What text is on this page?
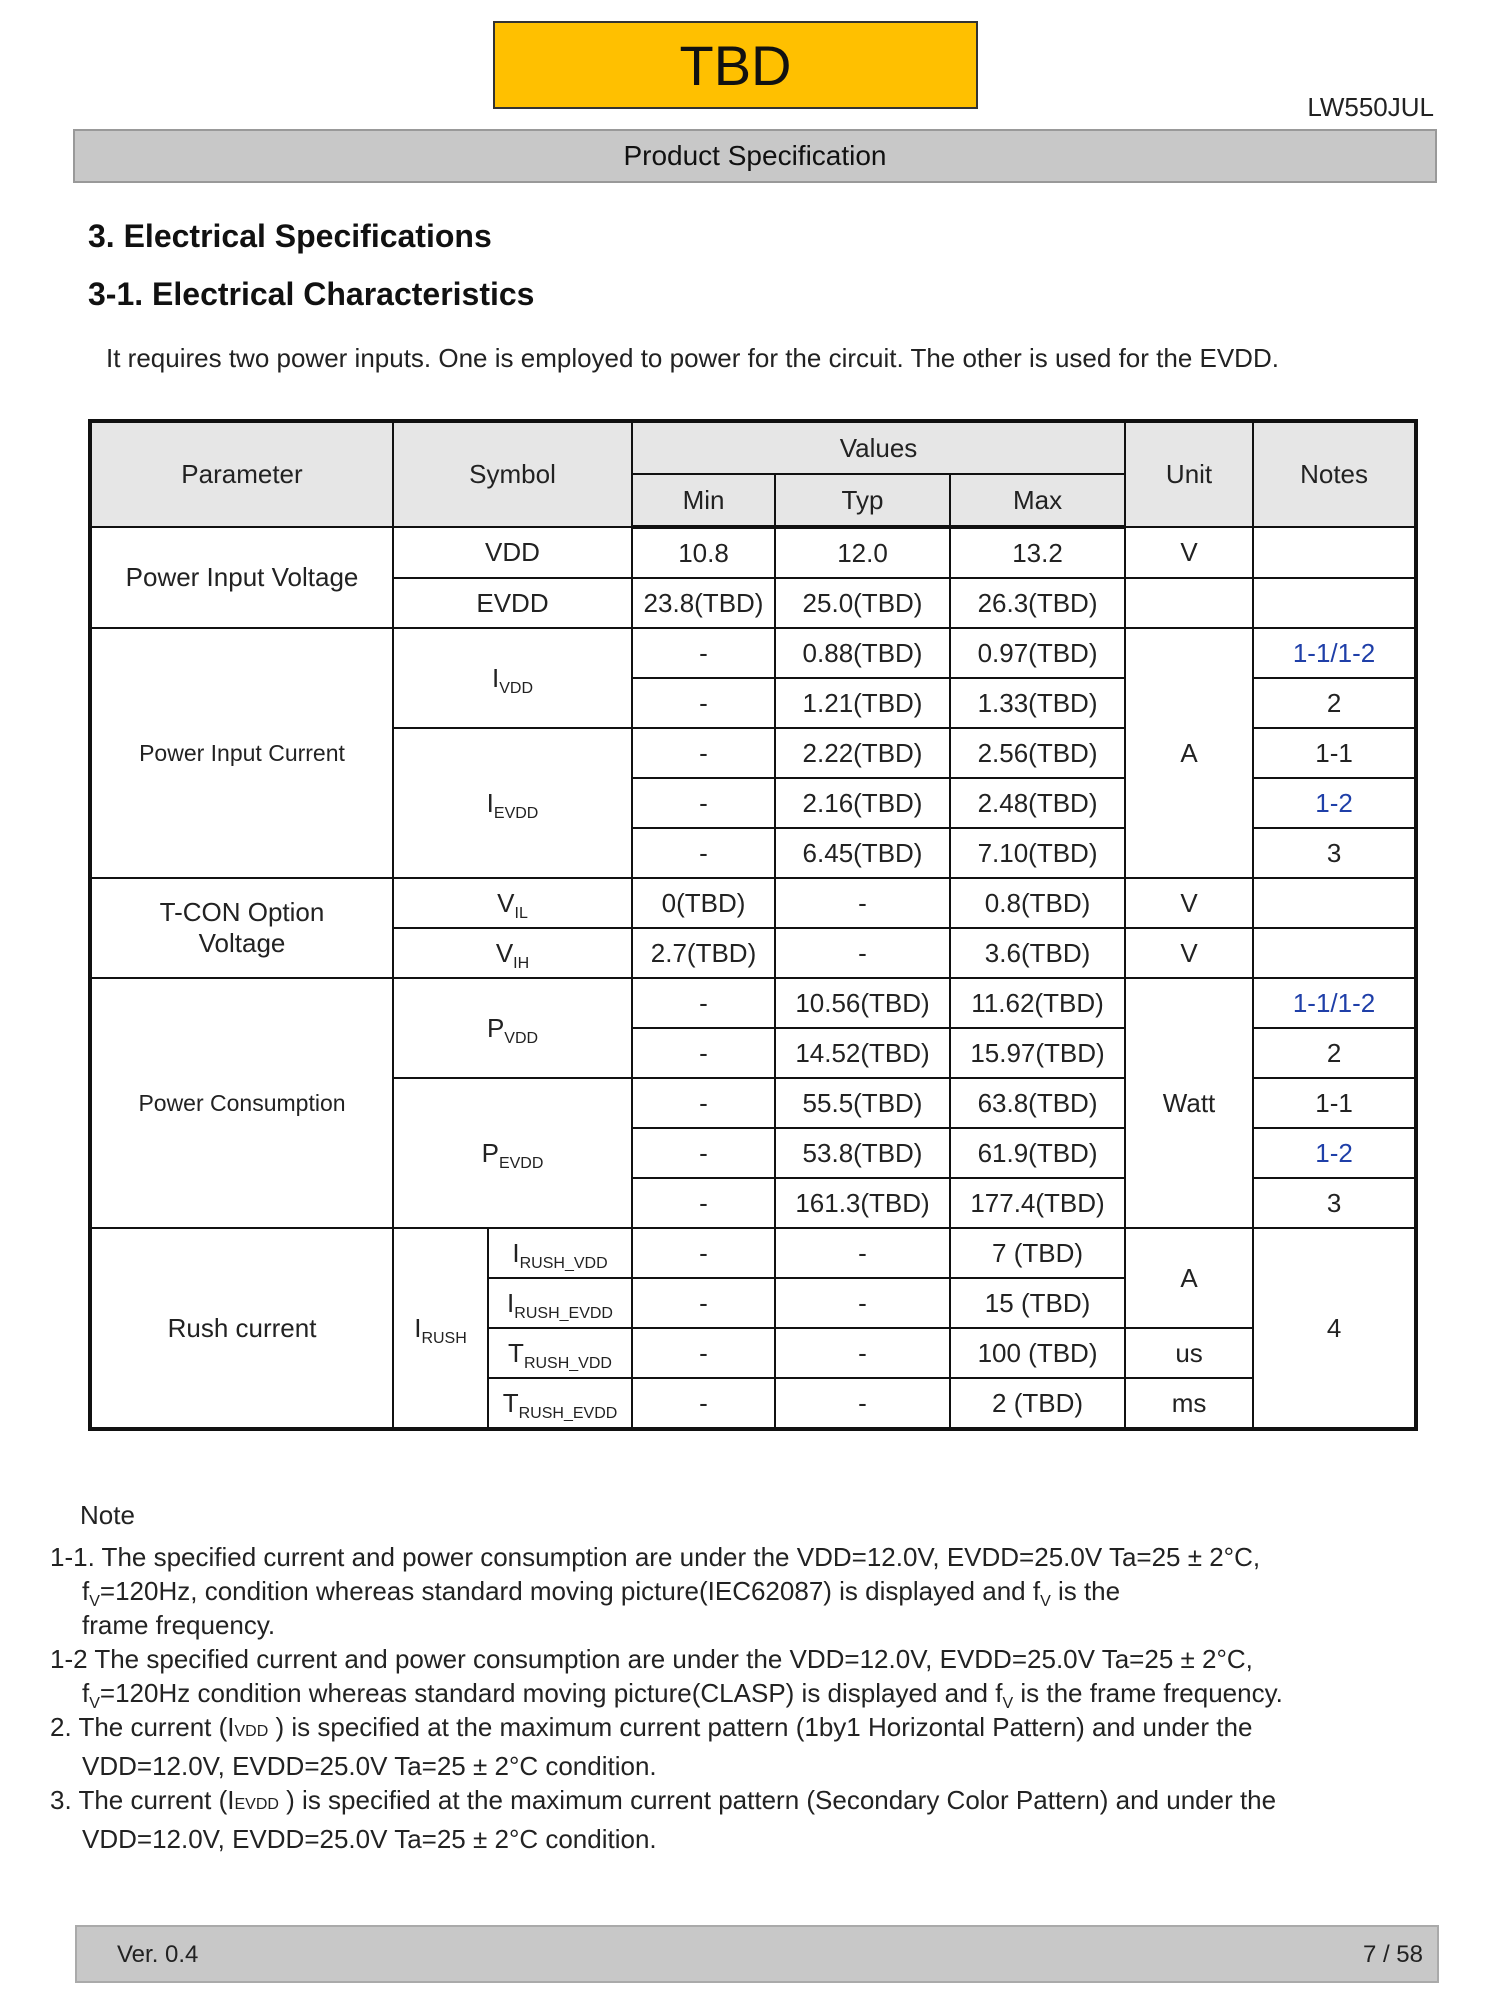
TBD
LW550JUL
Product Specification
3. Electrical Specifications
3-1. Electrical Characteristics

It requires two power inputs. One is employed to power for the circuit. The other is used for the EVDD.

Parameter	Symbol		Values			Unit	Notes
			Min	Typ	Max		
Power Input Voltage	VDD		10.8	12.0	13.2	V	
	EVDD		23.8(TBD)	25.0(TBD)	26.3(TBD)		
Power Input Current	$I_{VDD}$		-	0.88(TBD)	0.97(TBD)	A	1-1/1-2
			-	1.21(TBD)	1.33(TBD)		2
	$I_{EVDD}$		-	2.22(TBD)	2.56(TBD)		1-1
			-	2.16(TBD)	2.48(TBD)		1-2
			-	6.45(TBD)	7.10(TBD)		3
T-CON Option
Voltage	$V_{IL}$		0(TBD)	-	0.8(TBD)	V	
	$V_{IH}$		2.7(TBD)	-	3.6(TBD)	V	
Power Consumption	$P_{VDD}$		-	10.56(TBD)	11.62(TBD)	Watt	1-1/1-2
			-	14.52(TBD)	15.97(TBD)		2
	$P_{EVDD}$		-	55.5(TBD)	63.8(TBD)		1-1
			-	53.8(TBD)	61.9(TBD)		1-2
			-	161.3(TBD)	177.4(TBD)		3
Rush current	$I_{RUSH}$	$I_{RUSH\_VDD}$	-	-	7 (TBD)	A	4
		$I_{RUSH\_EVDD}$	-	-	15 (TBD)		
		$T_{RUSH\_VDD}$	-	-	100 (TBD)	us	
		$T_{RUSH\_EVDD}$	-	-	2 (TBD)	ms	

Note

1-1. The specified current and power consumption are under the VDD=12.0V, EVDD=25.0V Ta=25 ± 2°C,

$f_V=120Hz$, condition whereas standard moving picture(IEC62087) is displayed and $f_V$ is the

frame frequency.

1-2 The specified current and power consumption are under the VDD=12.0V, EVDD=25.0V Ta=25 ± 2°C,

$f_V=120Hz$ condition whereas standard moving picture(CLASP) is displayed and $f_V$ is the frame frequency.

2. The current (IVDD ) is specified at the maximum current pattern (1by1 Horizontal Pattern) and under the

VDD=12.0V, EVDD=25.0V Ta=25 ± 2°C condition.

3. The current (IEVDD ) is specified at the maximum current pattern (Secondary Color Pattern) and under the

VDD=12.0V, EVDD=25.0V Ta=25 ± 2°C condition.

Ver. 0.4	7 / 58
